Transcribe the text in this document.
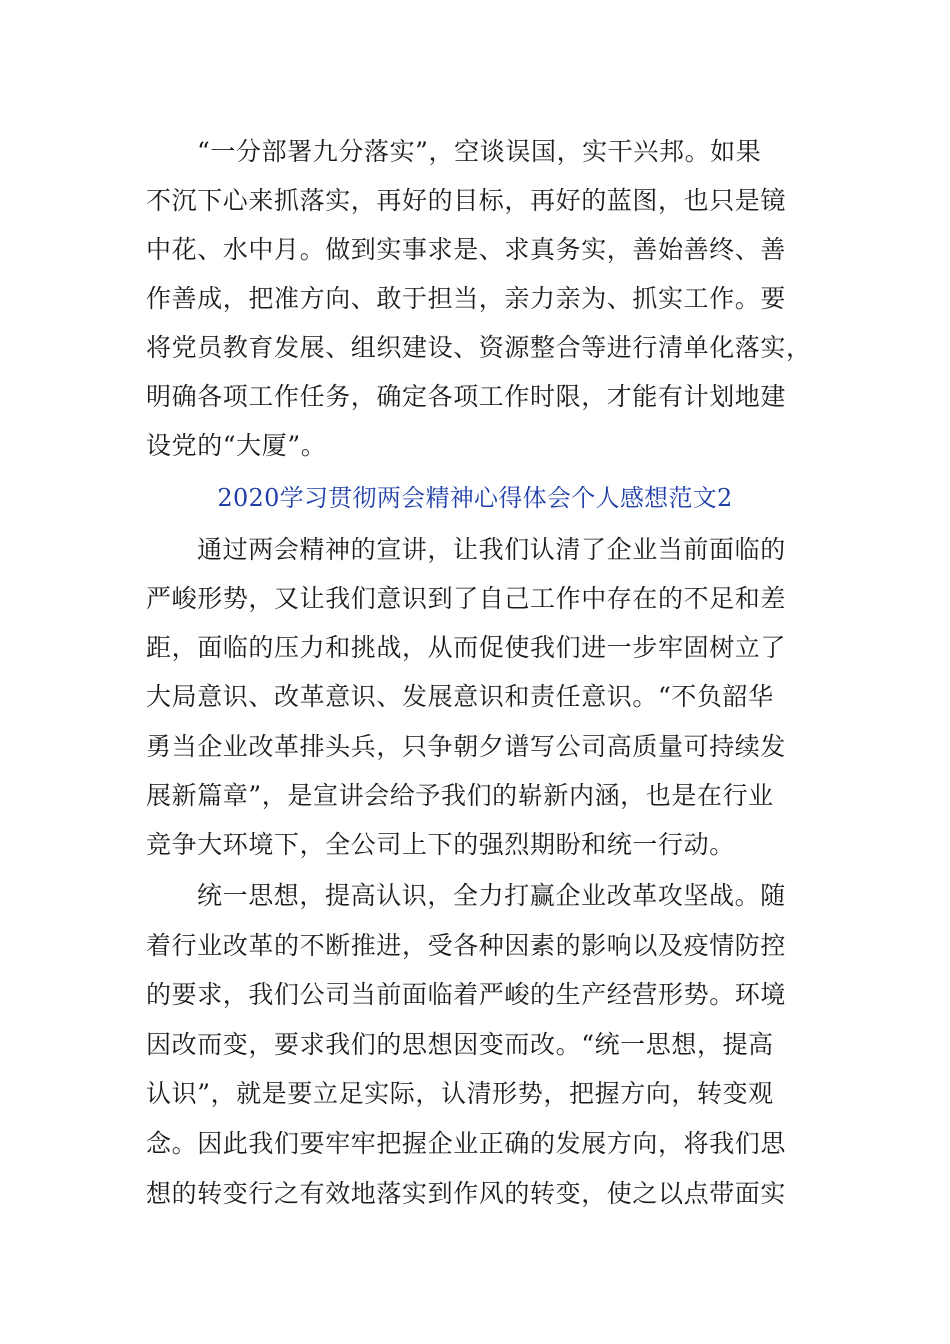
“一分部署九分落实”，空谈误国，实干兴邦。如果
不沉下心来抓落实，再好的目标，再好的蓝图，也只是镜
中花、水中月。做到实事求是、求真务实，善始善终、善
作善成，把准方向、敢于担当，亲力亲为、抓实工作。要
将党员教育发展、组织建设、资源整合等进行清单化落实，
明确各项工作任务，确定各项工作时限，才能有计划地建
设党的“大厦”。
2020学习贯彻两会精神心得体会个人感想范文2
通过两会精神的宣讲，让我们认清了企业当前面临的
严峻形势，又让我们意识到了自己工作中存在的不足和差
距，面临的压力和挑战，从而促使我们进一步牢固树立了
大局意识、改革意识、发展意识和责任意识。“不负韶华
勇当企业改革排头兵，只争朝夕谱写公司高质量可持续发
展新篇章”，是宣讲会给予我们的崭新内涵，也是在行业
竞争大环境下，全公司上下的强烈期盼和统一行动。
统一思想，提高认识，全力打赢企业改革攻坚战。随
着行业改革的不断推进，受各种因素的影响以及疫情防控
的要求，我们公司当前面临着严峻的生产经营形势。环境
因改而变，要求我们的思想因变而改。“统一思想，提高
认识”，就是要立足实际，认清形势，把握方向，转变观
念。因此我们要牢牢把握企业正确的发展方向，将我们思
想的转变行之有效地落实到作风的转变，使之以点带面实
